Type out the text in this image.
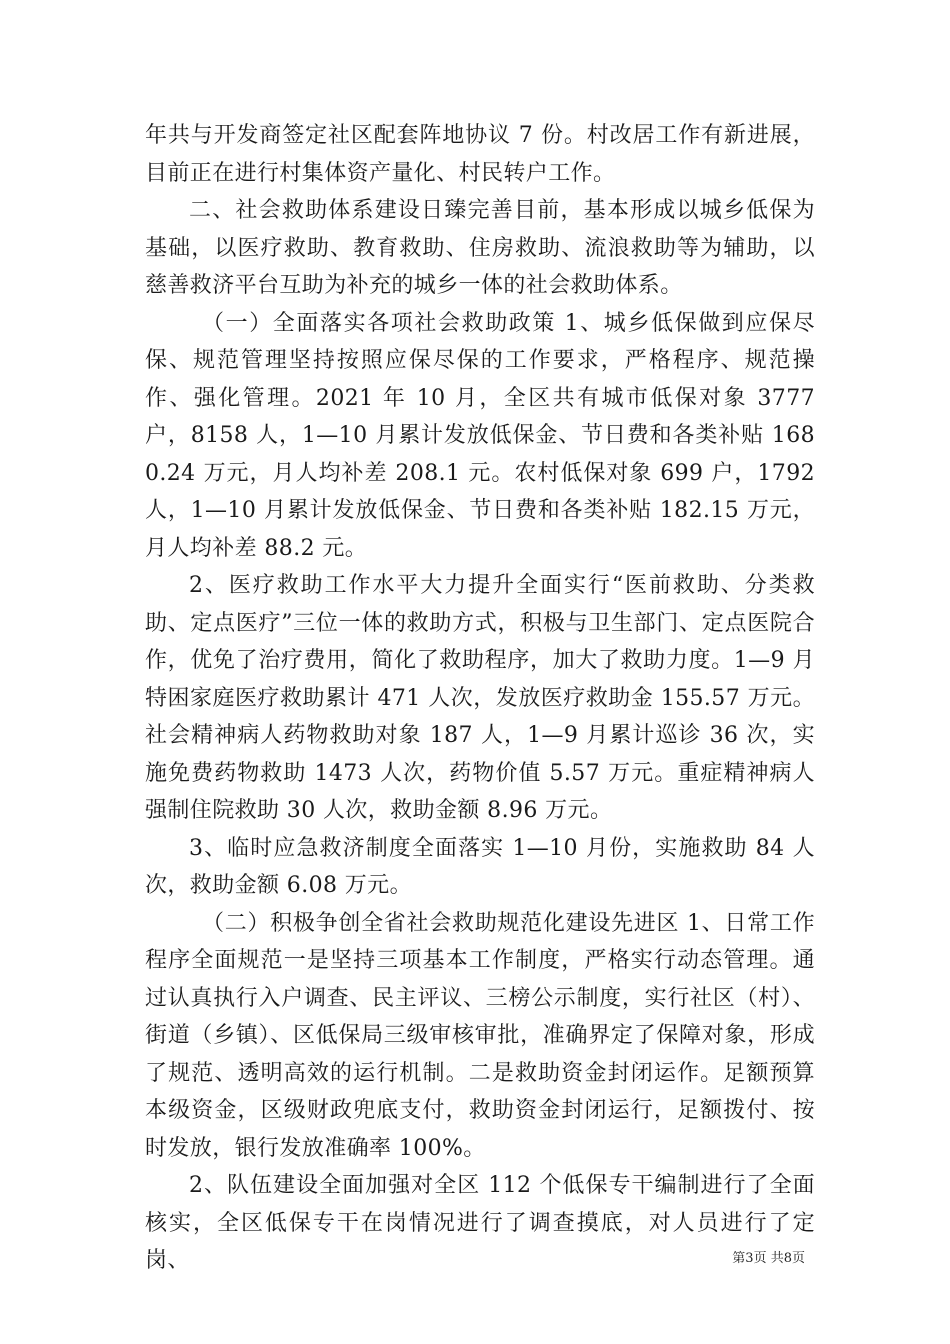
年共与开发商签定社区配套阵地协议 7 份。村改居工作有新进展，目前正在进行村集体资产量化、村民转户工作。

二、社会救助体系建设日臻完善目前，基本形成以城乡低保为基础，以医疗救助、教育救助、住房救助、流浪救助等为辅助，以慈善救济平台互助为补充的城乡一体的社会救助体系。

（一）全面落实各项社会救助政策 1、城乡低保做到应保尽保、规范管理坚持按照应保尽保的工作要求，严格程序、规范操作、强化管理。2021 年 10 月，全区共有城市低保对象 3777 户，8158 人，1—10 月累计发放低保金、节日费和各类补贴 1680.24 万元，月人均补差 208.1 元。农村低保对象 699 户，1792 人，1—10 月累计发放低保金、节日费和各类补贴 182.15 万元，月人均补差 88.2 元。

2、医疗救助工作水平大力提升全面实行“医前救助、分类救助、定点医疗”三位一体的救助方式，积极与卫生部门、定点医院合作，优免了治疗费用，简化了救助程序，加大了救助力度。1—9 月特困家庭医疗救助累计 471 人次，发放医疗救助金 155.57 万元。社会精神病人药物救助对象 187 人，1—9 月累计巡诊 36 次，实施免费药物救助 1473 人次，药物价值 5.57 万元。重症精神病人强制住院救助 30 人次，救助金额 8.96 万元。

3、临时应急救济制度全面落实 1—10 月份，实施救助 84 人次，救助金额 6.08 万元。

（二）积极争创全省社会救助规范化建设先进区 1、日常工作程序全面规范一是坚持三项基本工作制度，严格实行动态管理。通过认真执行入户调查、民主评议、三榜公示制度，实行社区（村）、街道（乡镇）、区低保局三级审核审批，准确界定了保障对象，形成了规范、透明高效的运行机制。二是救助资金封闭运作。足额预算本级资金，区级财政兜底支付，救助资金封闭运行，足额拨付、按时发放，银行发放准确率 100%。

2、队伍建设全面加强对全区 112 个低保专干编制进行了全面核实，全区低保专干在岗情况进行了调查摸底，对人员进行了定岗、	第3页 共8页
